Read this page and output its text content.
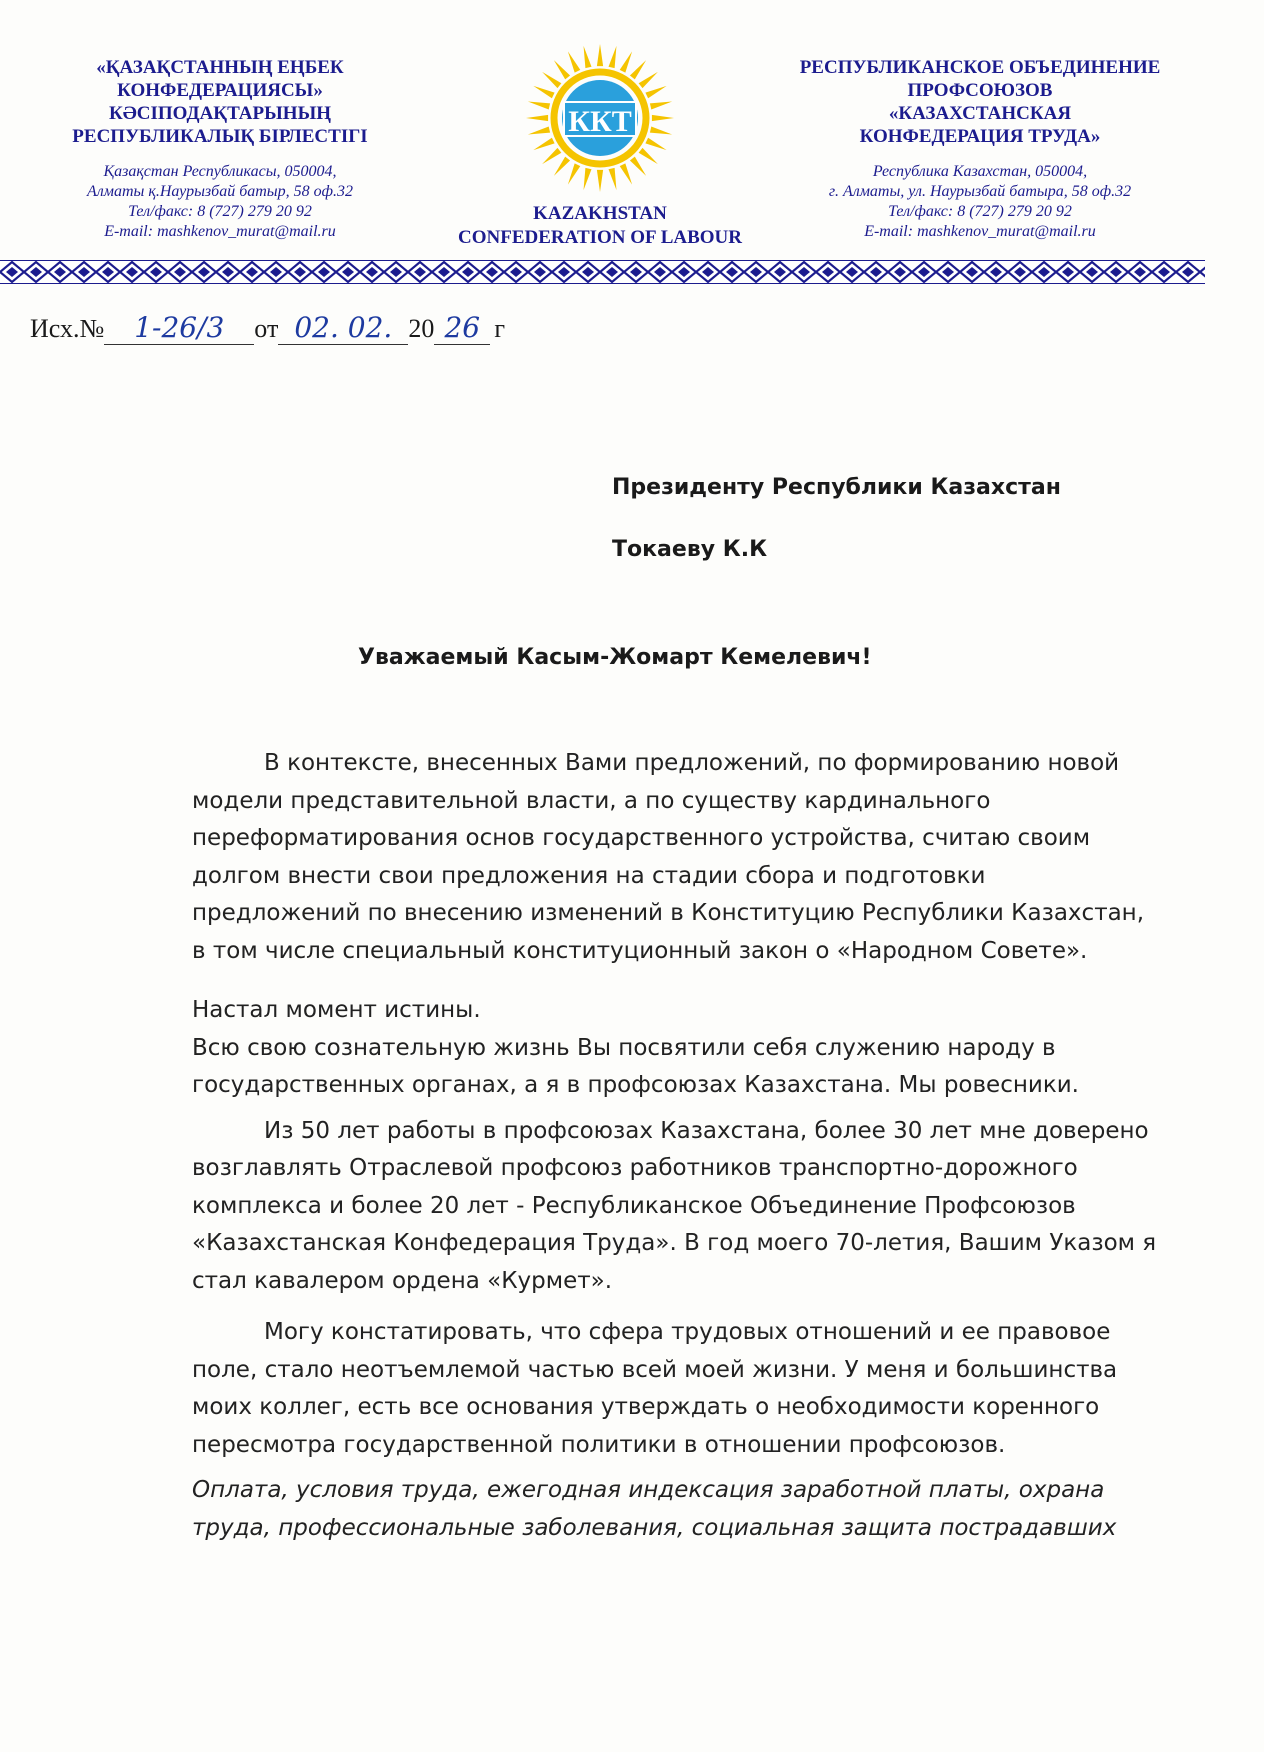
«ҚАЗАҚСТАННЫҢ ЕҢБЕК
КОНФЕДЕРАЦИЯСЫ»
КӘСІПОДАҚТАРЫНЫҢ
РЕСПУБЛИКАЛЫҚ БІРЛЕСТІГІ
Қазақстан Республикасы, 050004,
Алматы қ.Наурызбай батыр, 58 оф.32
Тел/факс: 8 (727) 279 20 92
E-mail: mashkenov_murat@mail.ru
ККТ
KAZAKHSTAN
CONFEDERATION OF LABOUR
РЕСПУБЛИКАНСКОЕ ОБЪЕДИНЕНИЕ
ПРОФСОЮЗОВ
«КАЗАХСТАНСКАЯ
КОНФЕДЕРАЦИЯ ТРУДА»
Республика Казахстан, 050004,
г. Алматы, ул. Наурызбай батыра, 58 оф.32
Тел/факс: 8 (727) 279 20 92
E-mail: mashkenov_murat@mail.ru
Исх.№ 1-26/3 от 02. 02. 20 26 г
Президенту Республики Казахстан
Токаеву К.К
Уважаемый Касым-Жомарт Кемелевич!

В контексте, внесенных Вами предложений, по формированию новой

модели представительной власти, а по существу кардинального

переформатирования основ государственного устройства, считаю своим

долгом внести свои предложения на стадии сбора и подготовки

предложений по внесению изменений в Конституцию Республики Казахстан,

в том числе специальный конституционный закон о «Народном Совете».

Настал момент истины.

Всю свою сознательную жизнь Вы посвятили себя служению народу в

государственных органах, а я в профсоюзах Казахстана. Мы ровесники.

Из 50 лет работы в профсоюзах Казахстана, более 30 лет мне доверено

возглавлять Отраслевой профсоюз работников транспортно-дорожного

комплекса и более 20 лет - Республиканское Объединение Профсоюзов

«Казахстанская Конфедерация Труда». В год моего 70-летия, Вашим Указом я

стал кавалером ордена «Курмет».

Могу констатировать, что сфера трудовых отношений и ее правовое

поле, стало неотъемлемой частью всей моей жизни. У меня и большинства

моих коллег, есть все основания утверждать о необходимости коренного

пересмотра государственной политики в отношении профсоюзов.

Оплата, условия труда, ежегодная индексация заработной платы, охрана

труда, профессиональные заболевания, социальная защита пострадавших
